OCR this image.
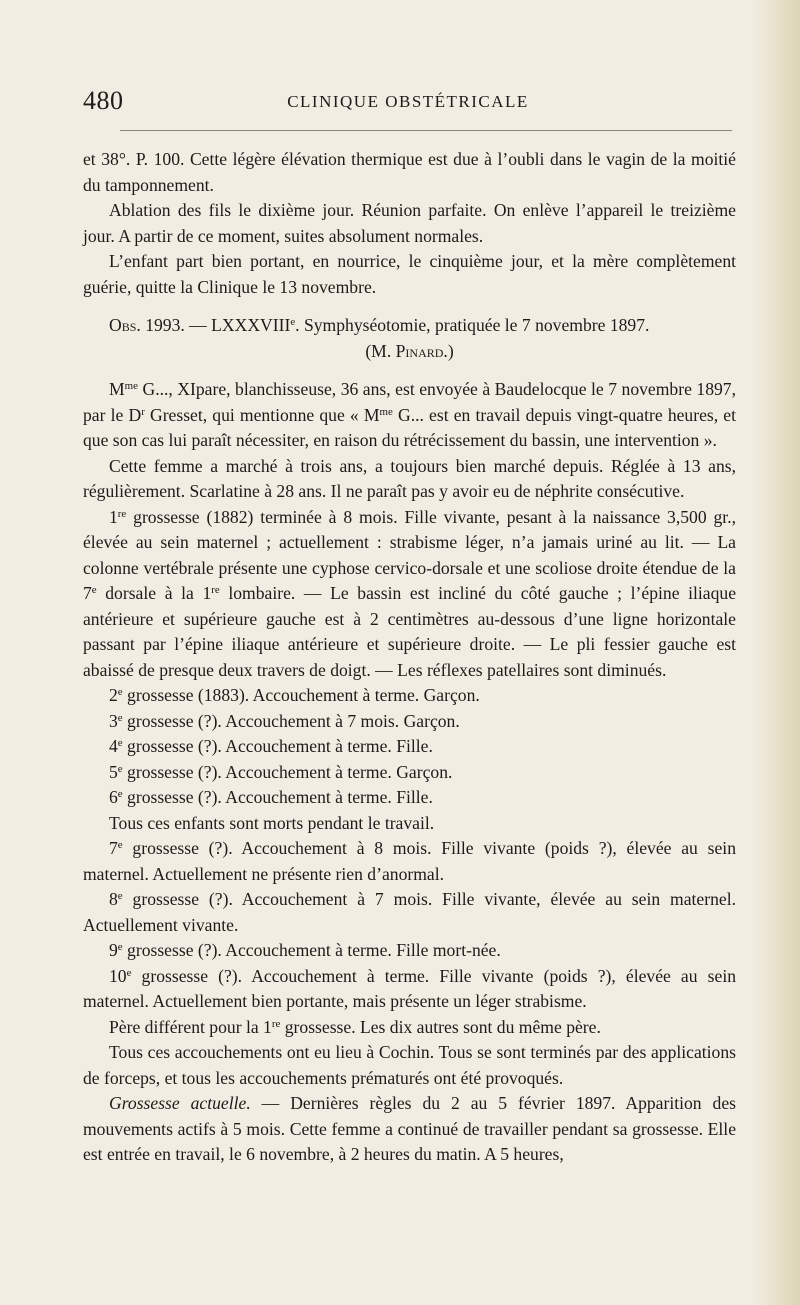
480	CLINIQUE OBSTÉTRICALE

et 38°. P. 100. Cette légère élévation thermique est due à l’oubli dans le vagin de la moitié du tamponnement.

Ablation des fils le dixième jour. Réunion parfaite. On enlève l’appareil le treizième jour. A partir de ce moment, suites absolument normales.

L’enfant part bien portant, en nourrice, le cinquième jour, et la mère complètement guérie, quitte la Clinique le 13 novembre.

Obs. 1993. — LXXXVIIIe. Symphyséotomie, pratiquée le 7 novembre 1897.

(M. Pinard.)

$M^{me}$ G..., XIpare, blanchisseuse, 36 ans, est envoyée à Baudelocque le 7 novembre 1897, par le $D^r$ Gresset, qui mentionne que « $M^{me}$ G... est en travail depuis vingt-quatre heures, et que son cas lui paraît nécessiter, en raison du rétrécissement du bassin, une intervention ».

Cette femme a marché à trois ans, a toujours bien marché depuis. Réglée à 13 ans, régulièrement. Scarlatine à 28 ans. Il ne paraît pas y avoir eu de néphrite consécutive.

1re grossesse (1882) terminée à 8 mois. Fille vivante, pesant à la naissance 3,500 gr., élevée au sein maternel ; actuellement : strabisme léger, n’a jamais uriné au lit. — La colonne vertébrale présente une cyphose cervico-dorsale et une scoliose droite étendue de la 7e dorsale à la 1re lombaire. — Le bassin est incliné du côté gauche ; l’épine iliaque antérieure et supérieure gauche est à 2 centimètres au-dessous d’une ligne horizontale passant par l’épine iliaque antérieure et supérieure droite. — Le pli fessier gauche est abaissé de presque deux travers de doigt. — Les réflexes patellaires sont diminués.

2e grossesse (1883). Accouchement à terme. Garçon.

3e grossesse (?). Accouchement à 7 mois. Garçon.

4e grossesse (?). Accouchement à terme. Fille.

5e grossesse (?). Accouchement à terme. Garçon.

6e grossesse (?). Accouchement à terme. Fille.

Tous ces enfants sont morts pendant le travail.

7e grossesse (?). Accouchement à 8 mois. Fille vivante (poids ?), élevée au sein maternel. Actuellement ne présente rien d’anormal.

8e grossesse (?). Accouchement à 7 mois. Fille vivante, élevée au sein maternel. Actuellement vivante.

9e grossesse (?). Accouchement à terme. Fille mort-née.

10e grossesse (?). Accouchement à terme. Fille vivante (poids ?), élevée au sein maternel. Actuellement bien portante, mais présente un léger strabisme.

Père différent pour la 1re grossesse. Les dix autres sont du même père.

Tous ces accouchements ont eu lieu à Cochin. Tous se sont terminés par des applications de forceps, et tous les accouchements prématurés ont été provoqués.

Grossesse actuelle. — Dernières règles du 2 au 5 février 1897. Apparition des mouvements actifs à 5 mois. Cette femme a continué de travailler pendant sa grossesse. Elle est entrée en travail, le 6 novembre, à 2 heures du matin. A 5 heures,
